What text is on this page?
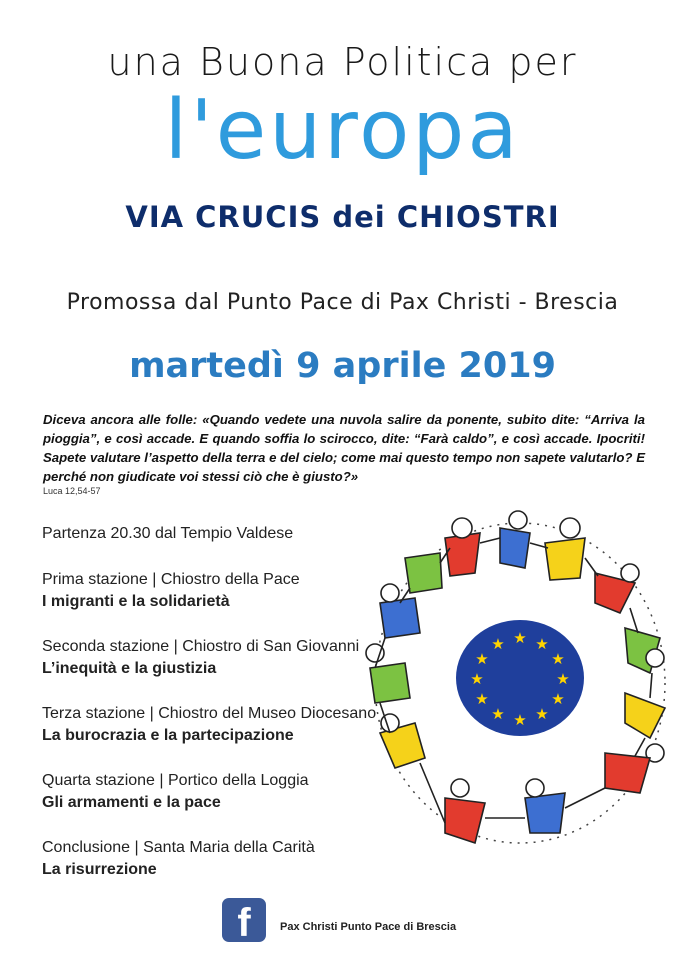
una Buona Politica per
l'europa
VIA CRUCIS dei CHIOSTRI
Promossa dal Punto Pace di Pax Christi - Brescia
martedì 9 aprile 2019
Diceva ancora alle folle: «Quando vedete una nuvola salire da ponente, subito dite: “Arriva la pioggia”, e così accade. E quando soffia lo scirocco, dite: “Farà caldo”, e così accade. Ipocriti! Sapete valutare l’aspetto della terra e del cielo; come mai questo tempo non sapete valutarlo? E perché non giudicate voi stessi ciò che è giusto?»
Luca 12,54-57
Partenza 20.30 dal Tempio Valdese
Prima stazione | Chiostro della Pace
I migranti e la solidarietà
Seconda stazione | Chiostro di San Giovanni
L’inequità e la giustizia
Terza stazione | Chiostro del Museo Diocesano
La burocrazia e la partecipazione
Quarta stazione | Portico della Loggia
Gli armamenti e la pace
Conclusione | Santa Maria della Carità
La risurrezione
★ ★
★
★
★
★
★
★
★
★
★
★
f	Pax Christi Punto Pace di Brescia
